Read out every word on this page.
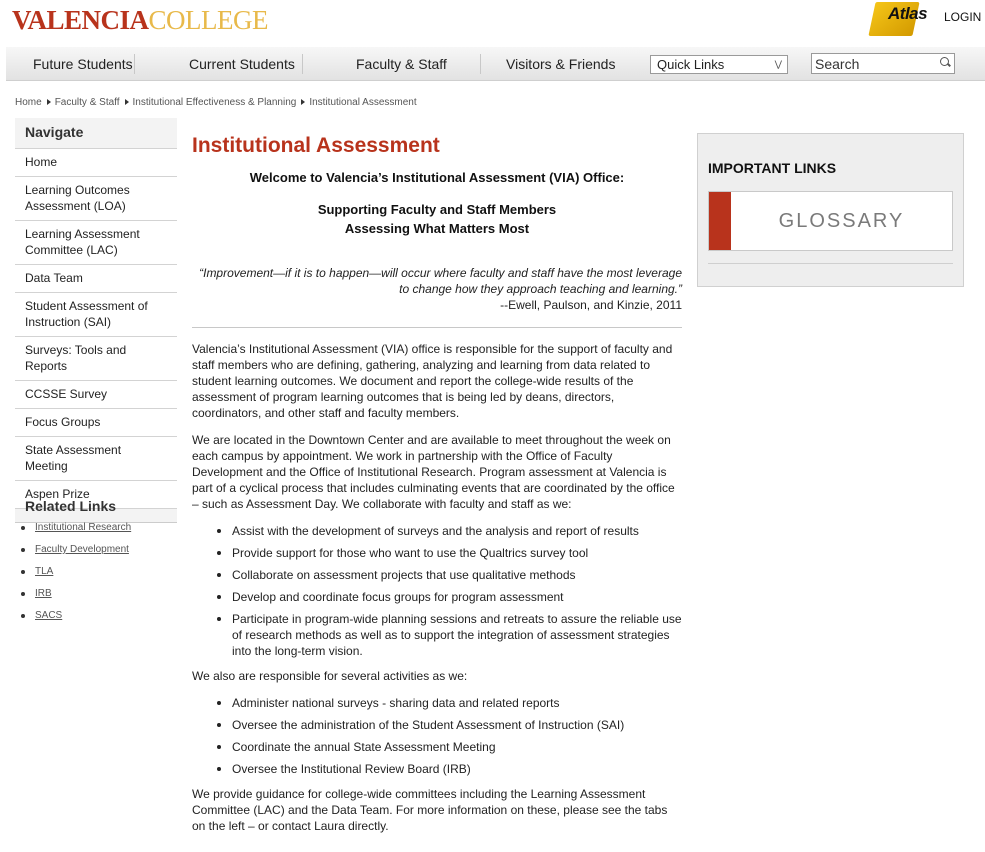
VALENCIACOLLEGE	Atlas LOGIN
Future Students	Current Students	Faculty & Staff	Visitors & Friends	Quick Links	⋁
Search
Home Faculty & Staff Institutional Effectiveness & Planning Institutional Assessment
Navigate
Home
Learning Outcomes Assessment (LOA)
Learning Assessment Committee (LAC)
Data Team
Student Assessment of Instruction (SAI)
Surveys: Tools and Reports
CCSSE Survey
Focus Groups
State Assessment Meeting
Aspen Prize
Related Links
Institutional Research
Faculty Development
TLA
IRB
SACS
Institutional Assessment
Welcome to Valencia’s Institutional Assessment (VIA) Office:
Supporting Faculty and Staff Members
Assessing What Matters Most
“Improvement—if it is to happen—will occur where faculty and staff have the most leverage to change how they approach teaching and learning.”
--Ewell, Paulson, and Kinzie, 2011

Valencia’s Institutional Assessment (VIA) office is responsible for the support of faculty and staff members who are defining, gathering, analyzing and learning from data related to student learning outcomes. We document and report the college-wide results of the assessment of program learning outcomes that is being led by deans, directors, coordinators, and other staff and faculty members.

We are located in the Downtown Center and are available to meet throughout the week on each campus by appointment. We work in partnership with the Office of Faculty Development and the Office of Institutional Research. Program assessment at Valencia is part of a cyclical process that includes culminating events that are coordinated by the office – such as Assessment Day. We collaborate with faculty and staff as we:

Assist with the development of surveys and the analysis and report of results
Provide support for those who want to use the Qualtrics survey tool
Collaborate on assessment projects that use qualitative methods
Develop and coordinate focus groups for program assessment
Participate in program-wide planning sessions and retreats to assure the reliable use of research methods as well as to support the integration of assessment strategies into the long-term vision.

We also are responsible for several activities as we:

Administer national surveys - sharing data and related reports
Oversee the administration of the Student Assessment of Instruction (SAI)
Coordinate the annual State Assessment Meeting
Oversee the Institutional Review Board (IRB)

We provide guidance for college-wide committees including the Learning Assessment Committee (LAC) and the Data Team. For more information on these, please see the tabs on the left – or contact Laura directly.

IMPORTANT LINKS
GLOSSARY
